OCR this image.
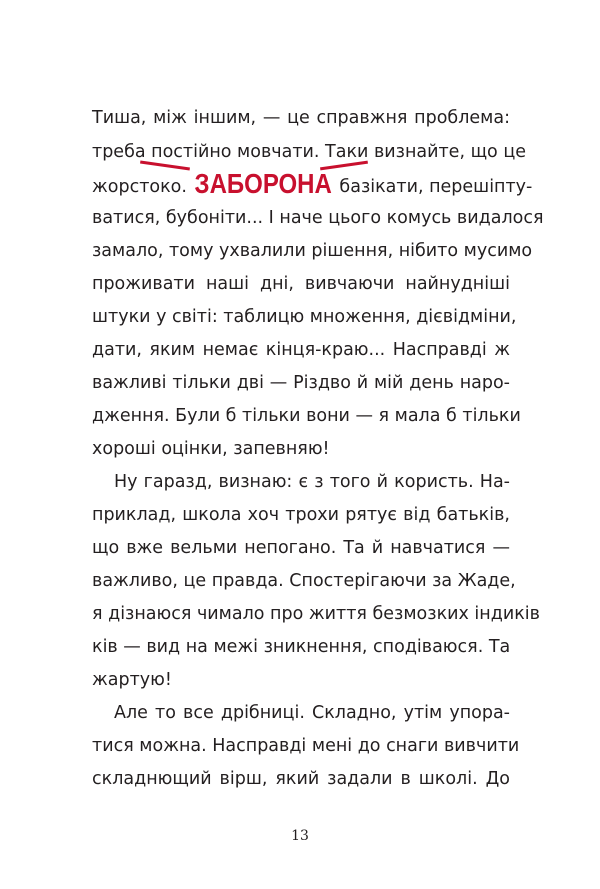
Тиша, між іншим, — це справжня проблема:
треба постійно мовчати. Таки визнайте, що це
жорстоко. ЗАБОРОНА базікати, перешіпту-
ватися, бубоніти... І наче цього комусь видалося
замало, тому ухвалили рішення, нібито мусимо
проживати наші дні, вивчаючи найнудніші
штуки у світі: таблицю множення, дієвідміни,
дати, яким немає кінця-краю... Насправді ж
важливі тільки дві — Різдво й мій день наро-
дження. Були б тільки вони — я мала б тільки
хороші оцінки, запевняю!
Ну гаразд, визнаю: є з того й користь. На-
приклад, школа хоч трохи рятує від батьків,
що вже вельми непогано. Та й навчатися —
важливо, це правда. Спостерігаючи за Жаде,
я дізнаюся чимало про життя безмозких індиків
ків — вид на межі зникнення, сподіваюся. Та
жартую!
Але то все дрібниці. Складно, утім упора-
тися можна. Насправді мені до снаги вивчити
складнющий вірш, який задали в школі. До
13
